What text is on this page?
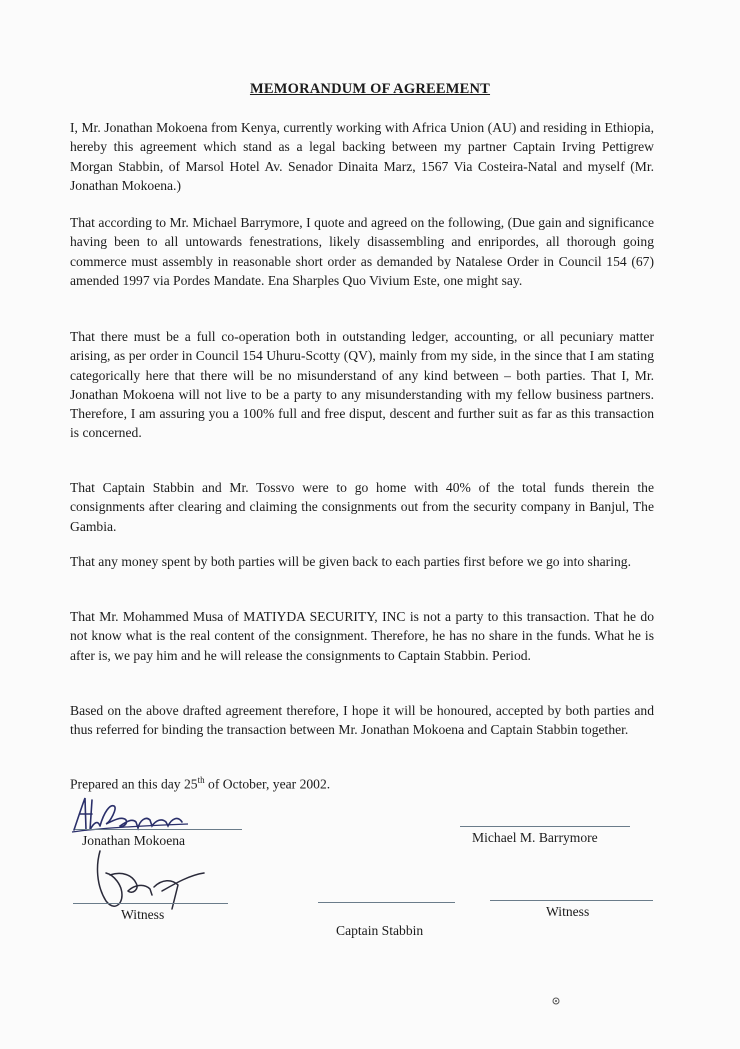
MEMORANDUM OF AGREEMENT

I, Mr. Jonathan Mokoena from Kenya, currently working with Africa Union (AU) and residing in Ethiopia, hereby this agreement which stand as a legal backing between my partner Captain Irving Pettigrew Morgan Stabbin, of Marsol Hotel Av. Senador Dinaita Marz, 1567 Via Costeira-Natal and myself (Mr. Jonathan Mokoena.)

That according to Mr. Michael Barrymore, I quote and agreed on the following, (Due gain and significance having been to all untowards fenestrations, likely disassembling and enripordes, all thorough going commerce must assembly in reasonable short order as demanded by Natalese Order in Council 154 (67) amended 1997 via Pordes Mandate. Ena Sharples Quo Vivium Este, one might say.

That there must be a full co-operation both in outstanding ledger, accounting, or all pecuniary matter arising, as per order in Council 154 Uhuru-Scotty (QV), mainly from my side, in the since that I am stating categorically here that there will be no misunderstand of any kind between – both parties. That I, Mr. Jonathan Mokoena will not live to be a party to any misunderstanding with my fellow business partners. Therefore, I am assuring you a 100% full and free disput, descent and further suit as far as this transaction is concerned.

That Captain Stabbin and Mr. Tossvo were to go home with 40% of the total funds therein the consignments after clearing and claiming the consignments out from the security company in Banjul, The Gambia.

That any money spent by both parties will be given back to each parties first before we go into sharing.

That Mr. Mohammed Musa of MATIYDA SECURITY, INC is not a party to this transaction. That he do not know what is the real content of the consignment. Therefore, he has no share in the funds. What he is after is, we pay him and he will release the consignments to Captain Stabbin. Period.

Based on the above drafted agreement therefore, I hope it will be honoured, accepted by both parties and thus referred for binding the transaction between Mr. Jonathan Mokoena and Captain Stabbin together.

Prepared an this day 25th of October, year 2002.
Jonathan Mokoena	Michael M. Barrymore
Witness
Captain Stabbin
Witness
